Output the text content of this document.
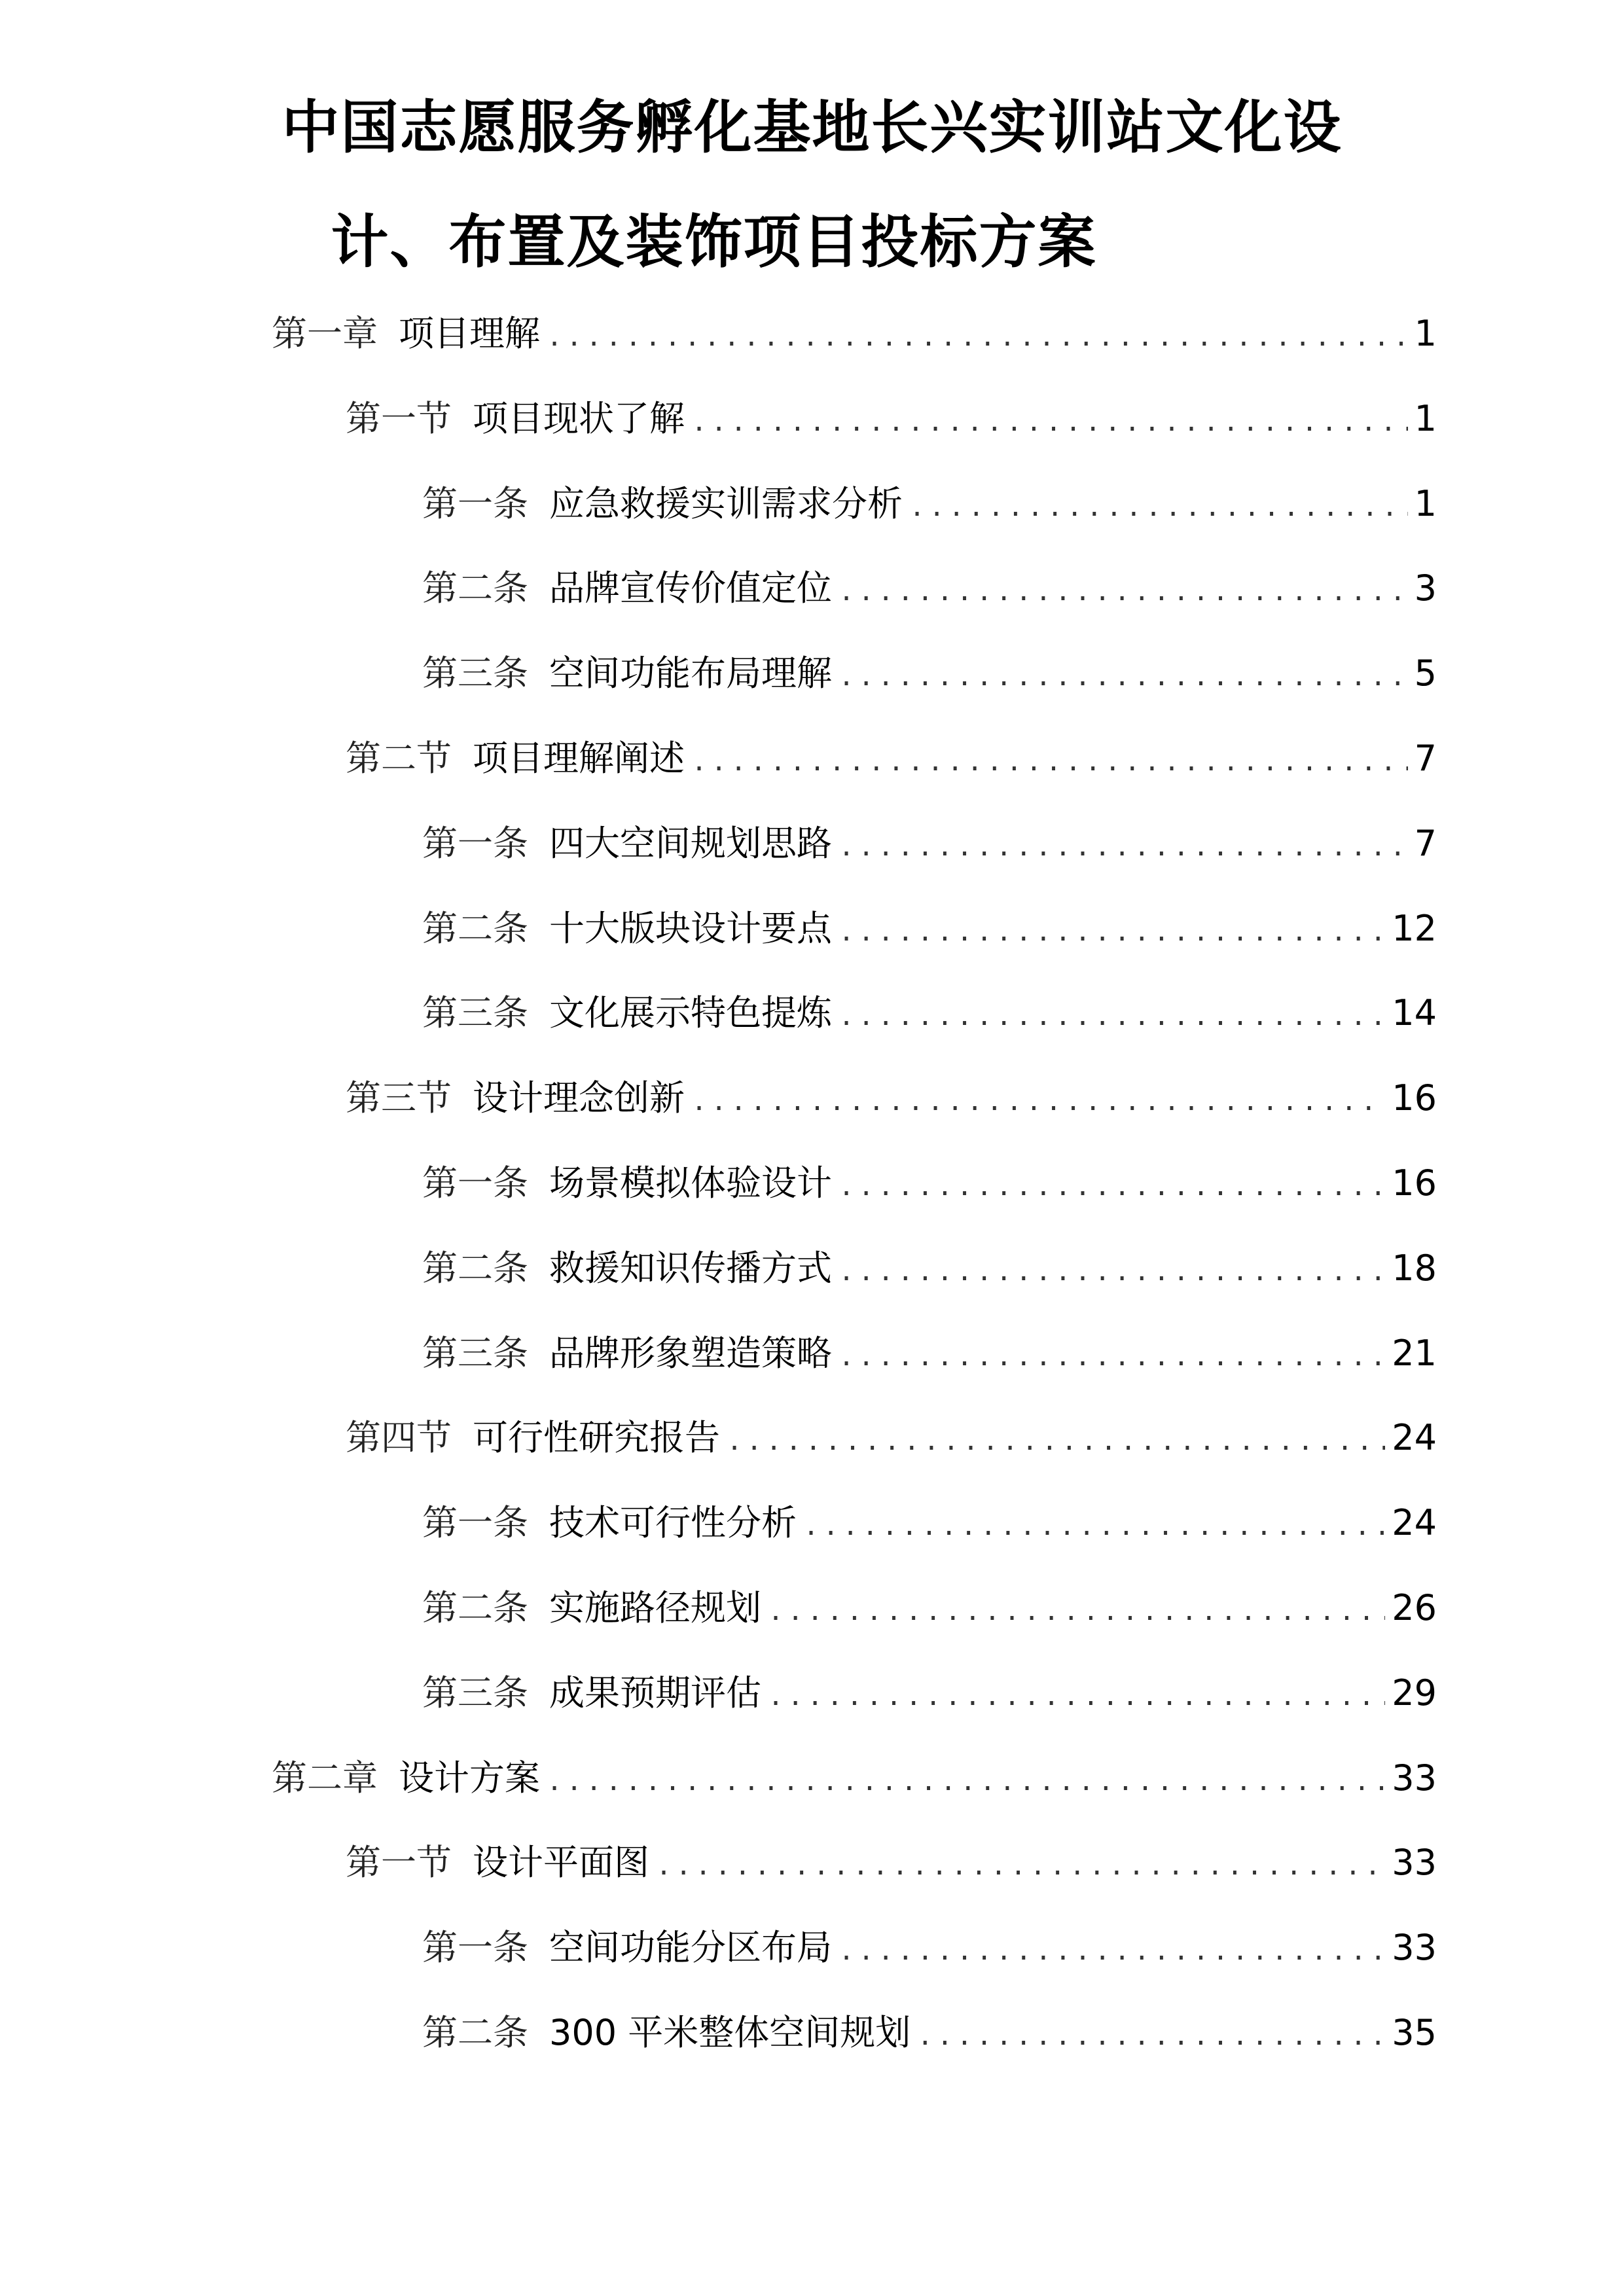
中国志愿服务孵化基地长兴实训站文化设
计、布置及装饰项目投标方案
第一章 项目理解 .....	1
第一节 项目现状了解 .....	1
第一条 应急救援实训需求分析 .....	1
第二条 品牌宣传价值定位 .....	3
第三条 空间功能布局理解 .....	5
第二节 项目理解阐述 .....	7
第一条 四大空间规划思路 .....	7
第二条 十大版块设计要点 .....	12
第三条 文化展示特色提炼 .....	14
第三节 设计理念创新 .....	16
第一条 场景模拟体验设计 .....	16
第二条 救援知识传播方式 .....	18
第三条 品牌形象塑造策略 .....	21
第四节 可行性研究报告 .....	24
第一条 技术可行性分析 .....	24
第二条 实施路径规划 .....	26
第三条 成果预期评估 .....	29
第二章 设计方案 .....	33
第一节 设计平面图 .....	33
第一条 空间功能分区布局 .....	33
第二条 300 平米整体空间规划 .....	35
